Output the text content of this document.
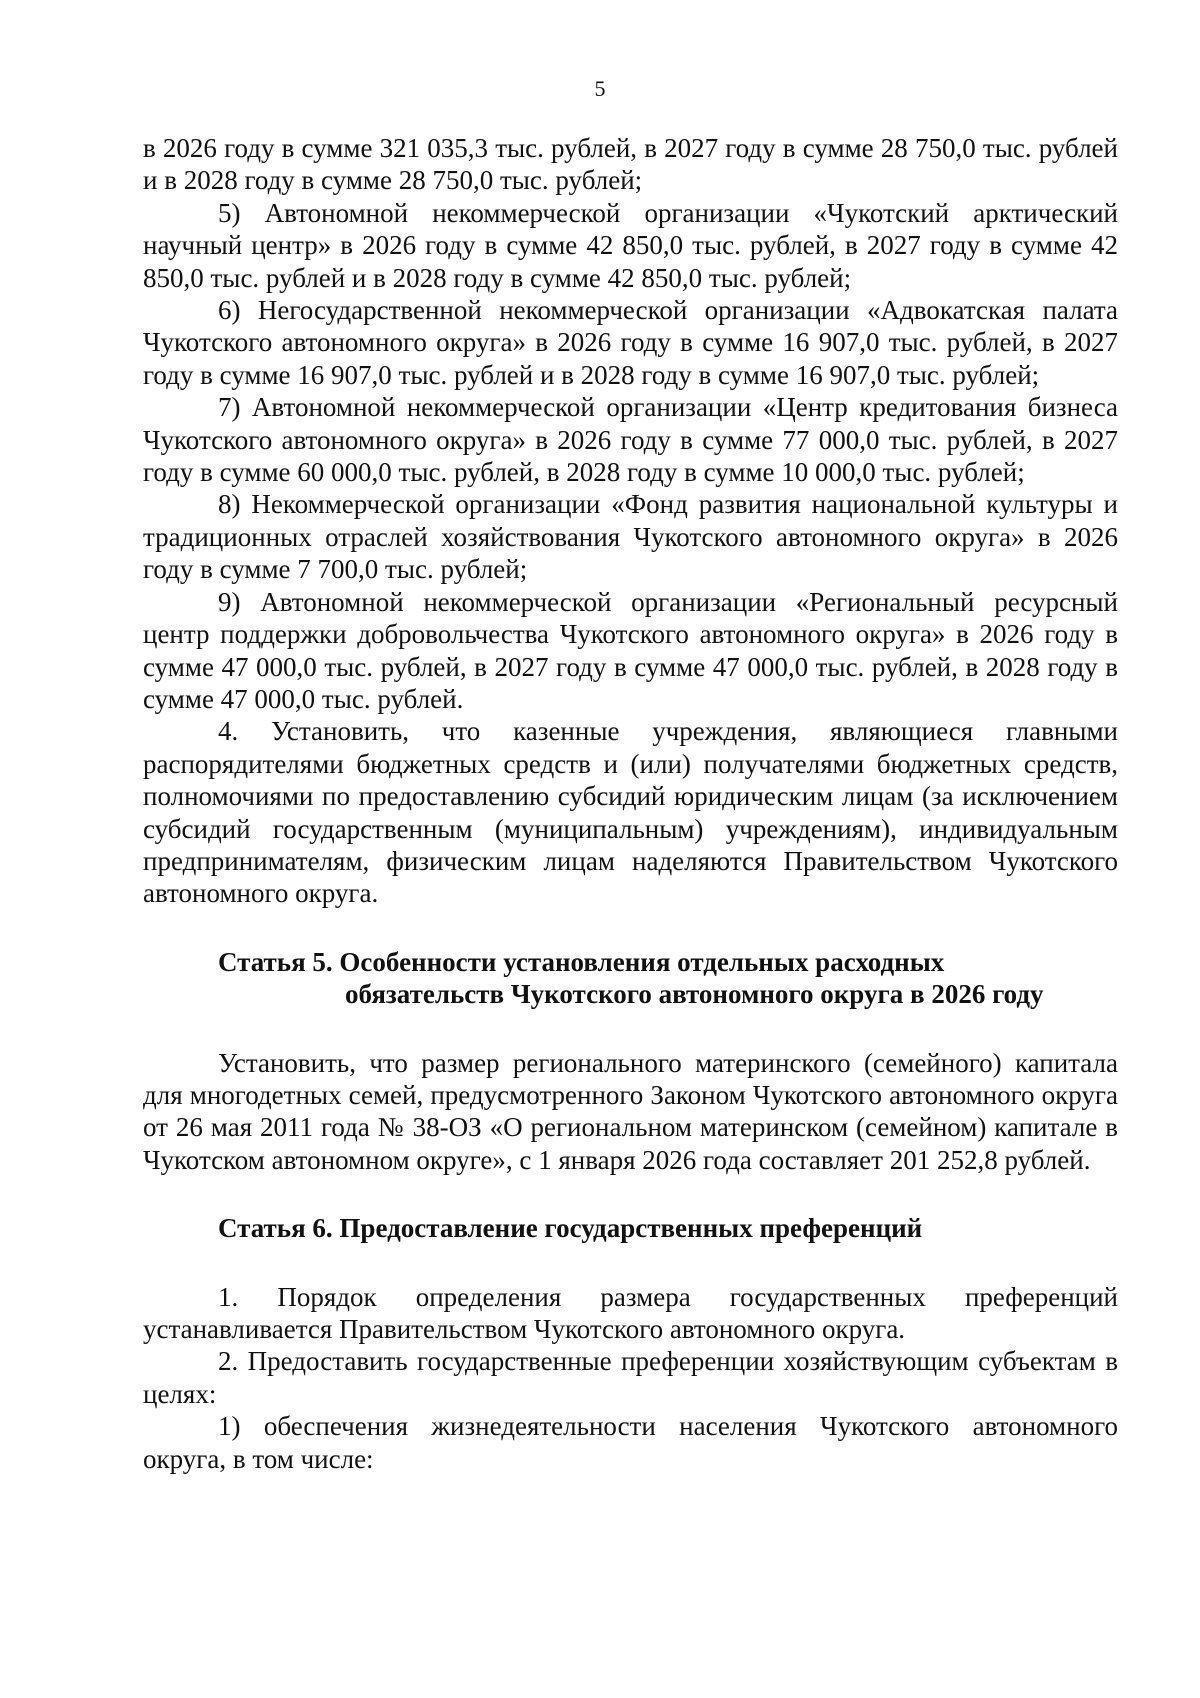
5

в 2026 году в сумме 321 035,3 тыс. рублей, в 2027 году в сумме 28 750,0 тыс. рублей и в 2028 году в сумме 28 750,0 тыс. рублей;

5) Автономной некоммерческой организации «Чукотский арктический научный центр» в 2026 году в сумме 42 850,0 тыс. рублей, в 2027 году в сумме 42 850,0 тыс. рублей и в 2028 году в сумме 42 850,0 тыс. рублей;

6) Негосударственной некоммерческой организации «Адвокатская палата Чукотского автономного округа» в 2026 году в сумме 16 907,0 тыс. рублей, в 2027 году в сумме 16 907,0 тыс. рублей и в 2028 году в сумме 16 907,0 тыс. рублей;

7) Автономной некоммерческой организации «Центр кредитования бизнеса Чукотского автономного округа» в 2026 году в сумме 77 000,0 тыс. рублей, в 2027 году в сумме 60 000,0 тыс. рублей, в 2028 году в сумме 10 000,0 тыс. рублей;

8) Некоммерческой организации «Фонд развития национальной культуры и традиционных отраслей хозяйствования Чукотского автономного округа» в 2026 году в сумме 7 700,0 тыс. рублей;

9) Автономной некоммерческой организации «Региональный ресурсный центр поддержки добровольчества Чукотского автономного округа» в 2026 году в сумме 47 000,0 тыс. рублей, в 2027 году в сумме 47 000,0 тыс. рублей, в 2028 году в сумме 47 000,0 тыс. рублей.

4. Установить, что казенные учреждения, являющиеся главными распорядителями бюджетных средств и (или) получателями бюджетных средств, полномочиями по предоставлению субсидий юридическим лицам (за исключением субсидий государственным (муниципальным) учреждениям), индивидуальным предпринимателям, физическим лицам наделяются Правительством Чукотского автономного округа.

Статья 5. Особенности установления отдельных расходных
обязательств Чукотского автономного округа в 2026 году

Установить, что размер регионального материнского (семейного) капитала для многодетных семей, предусмотренного Законом Чукотского автономного округа от 26 мая 2011 года № 38-ОЗ «О региональном материнском (семейном) капитале в Чукотском автономном округе», с 1 января 2026 года составляет 201 252,8 рублей.

Статья 6. Предоставление государственных преференций

1. Порядок определения размера государственных преференций устанавливается Правительством Чукотского автономного округа.

2. Предоставить государственные преференции хозяйствующим субъектам в целях:

1) обеспечения жизнедеятельности населения Чукотского автономного округа, в том числе:
